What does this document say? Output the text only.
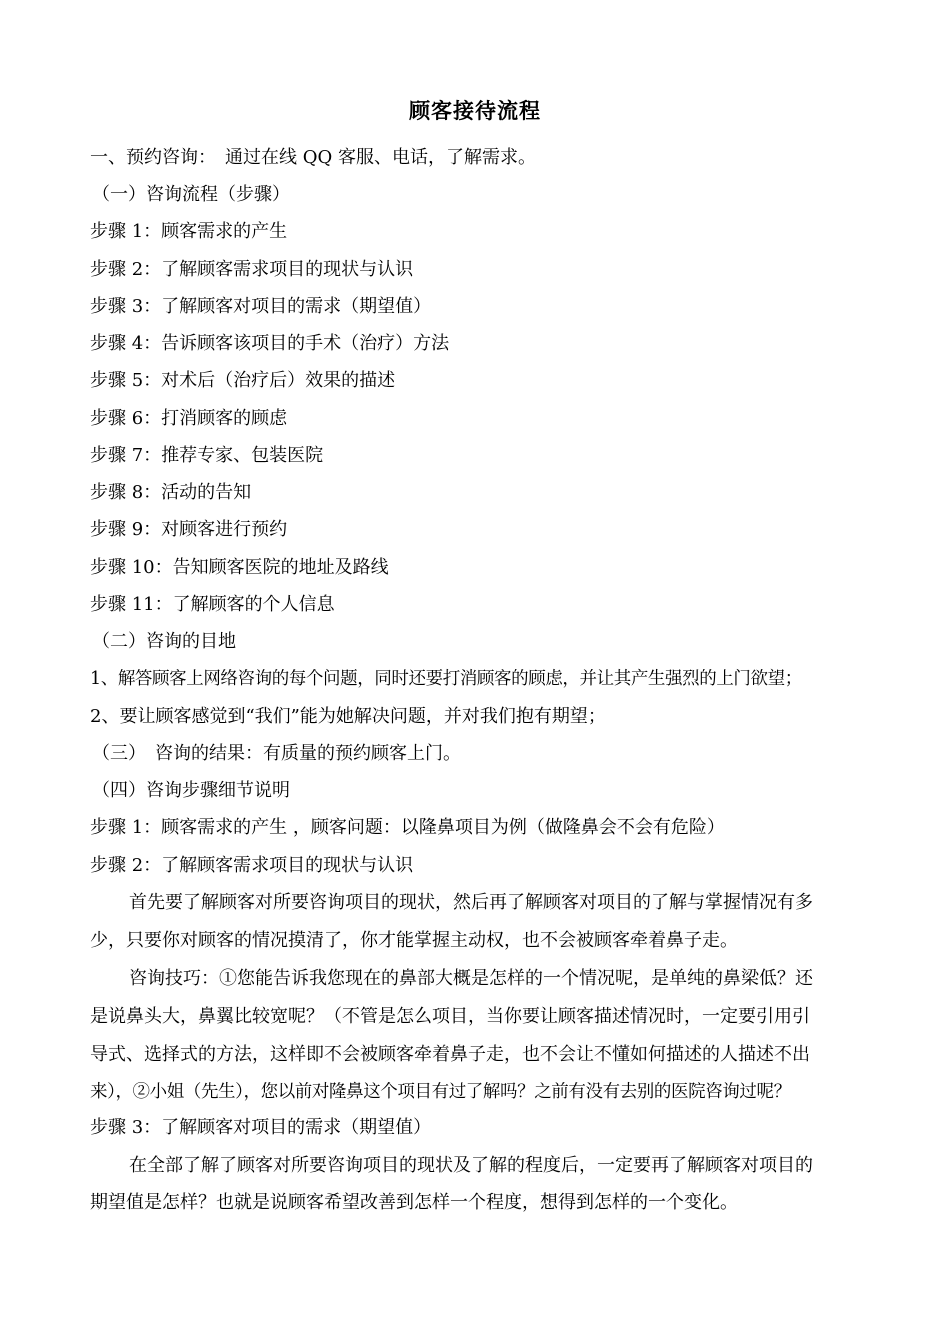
顾客接待流程
一、预约咨询：　通过在线 QQ 客服、电话，了解需求。
（一）咨询流程（步骤）
步骤 1：顾客需求的产生
步骤 2：了解顾客需求项目的现状与认识
步骤 3：了解顾客对项目的需求（期望值）
步骤 4：告诉顾客该项目的手术（治疗）方法
步骤 5：对术后（治疗后）效果的描述
步骤 6：打消顾客的顾虑
步骤 7：推荐专家、包装医院
步骤 8：活动的告知
步骤 9：对顾客进行预约
步骤 10：告知顾客医院的地址及路线
步骤 11：了解顾客的个人信息
（二）咨询的目地
1、解答顾客上网络咨询的每个问题，同时还要打消顾客的顾虑，并让其产生强烈的上门欲望；
2、要让顾客感觉到“我们”能为她解决问题，并对我们抱有期望；
（三）　咨询的结果：有质量的预约顾客上门。
（四）咨询步骤细节说明
步骤 1：顾客需求的产生 ，顾客问题：以隆鼻项目为例（做隆鼻会不会有危险）
步骤 2：了解顾客需求项目的现状与认识
首先要了解顾客对所要咨询项目的现状，然后再了解顾客对项目的了解与掌握情况有多
少，只要你对顾客的情况摸清了，你才能掌握主动权，也不会被顾客牵着鼻子走。
咨询技巧：①您能告诉我您现在的鼻部大概是怎样的一个情况呢，是单纯的鼻梁低？还
是说鼻头大，鼻翼比较宽呢？（不管是怎么项目，当你要让顾客描述情况时，一定要引用引
导式、选择式的方法，这样即不会被顾客牵着鼻子走，也不会让不懂如何描述的人描述不出
来），②小姐（先生），您以前对隆鼻这个项目有过了解吗？之前有没有去别的医院咨询过呢？
步骤 3：了解顾客对项目的需求（期望值）
在全部了解了顾客对所要咨询项目的现状及了解的程度后，一定要再了解顾客对项目的
期望值是怎样？也就是说顾客希望改善到怎样一个程度，想得到怎样的一个变化。
